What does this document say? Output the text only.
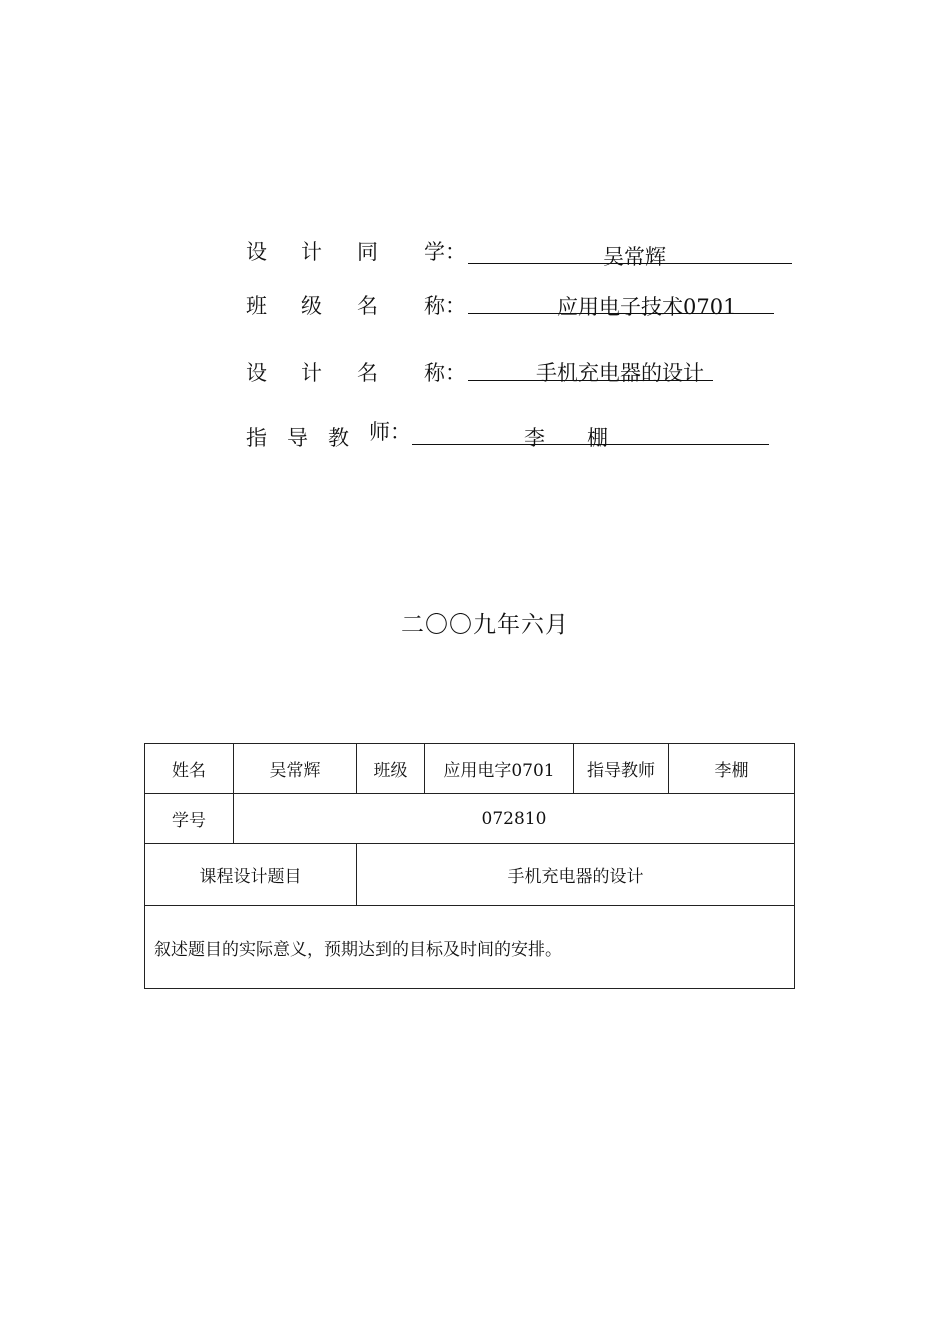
设 计 同 学：	吴常辉
班 级 名 称：	应用电子技术0701
设 计 名 称：	手机充电器的设计
指 导 教 师：	李　　棚
二〇〇九年六月
姓名	吴常辉	班级	应用电字0701	指导教师	李棚
学号	072810				
课程设计题目		手机充电器的设计			
叙述题目的实际意义，预期达到的目标及时间的安排。					
